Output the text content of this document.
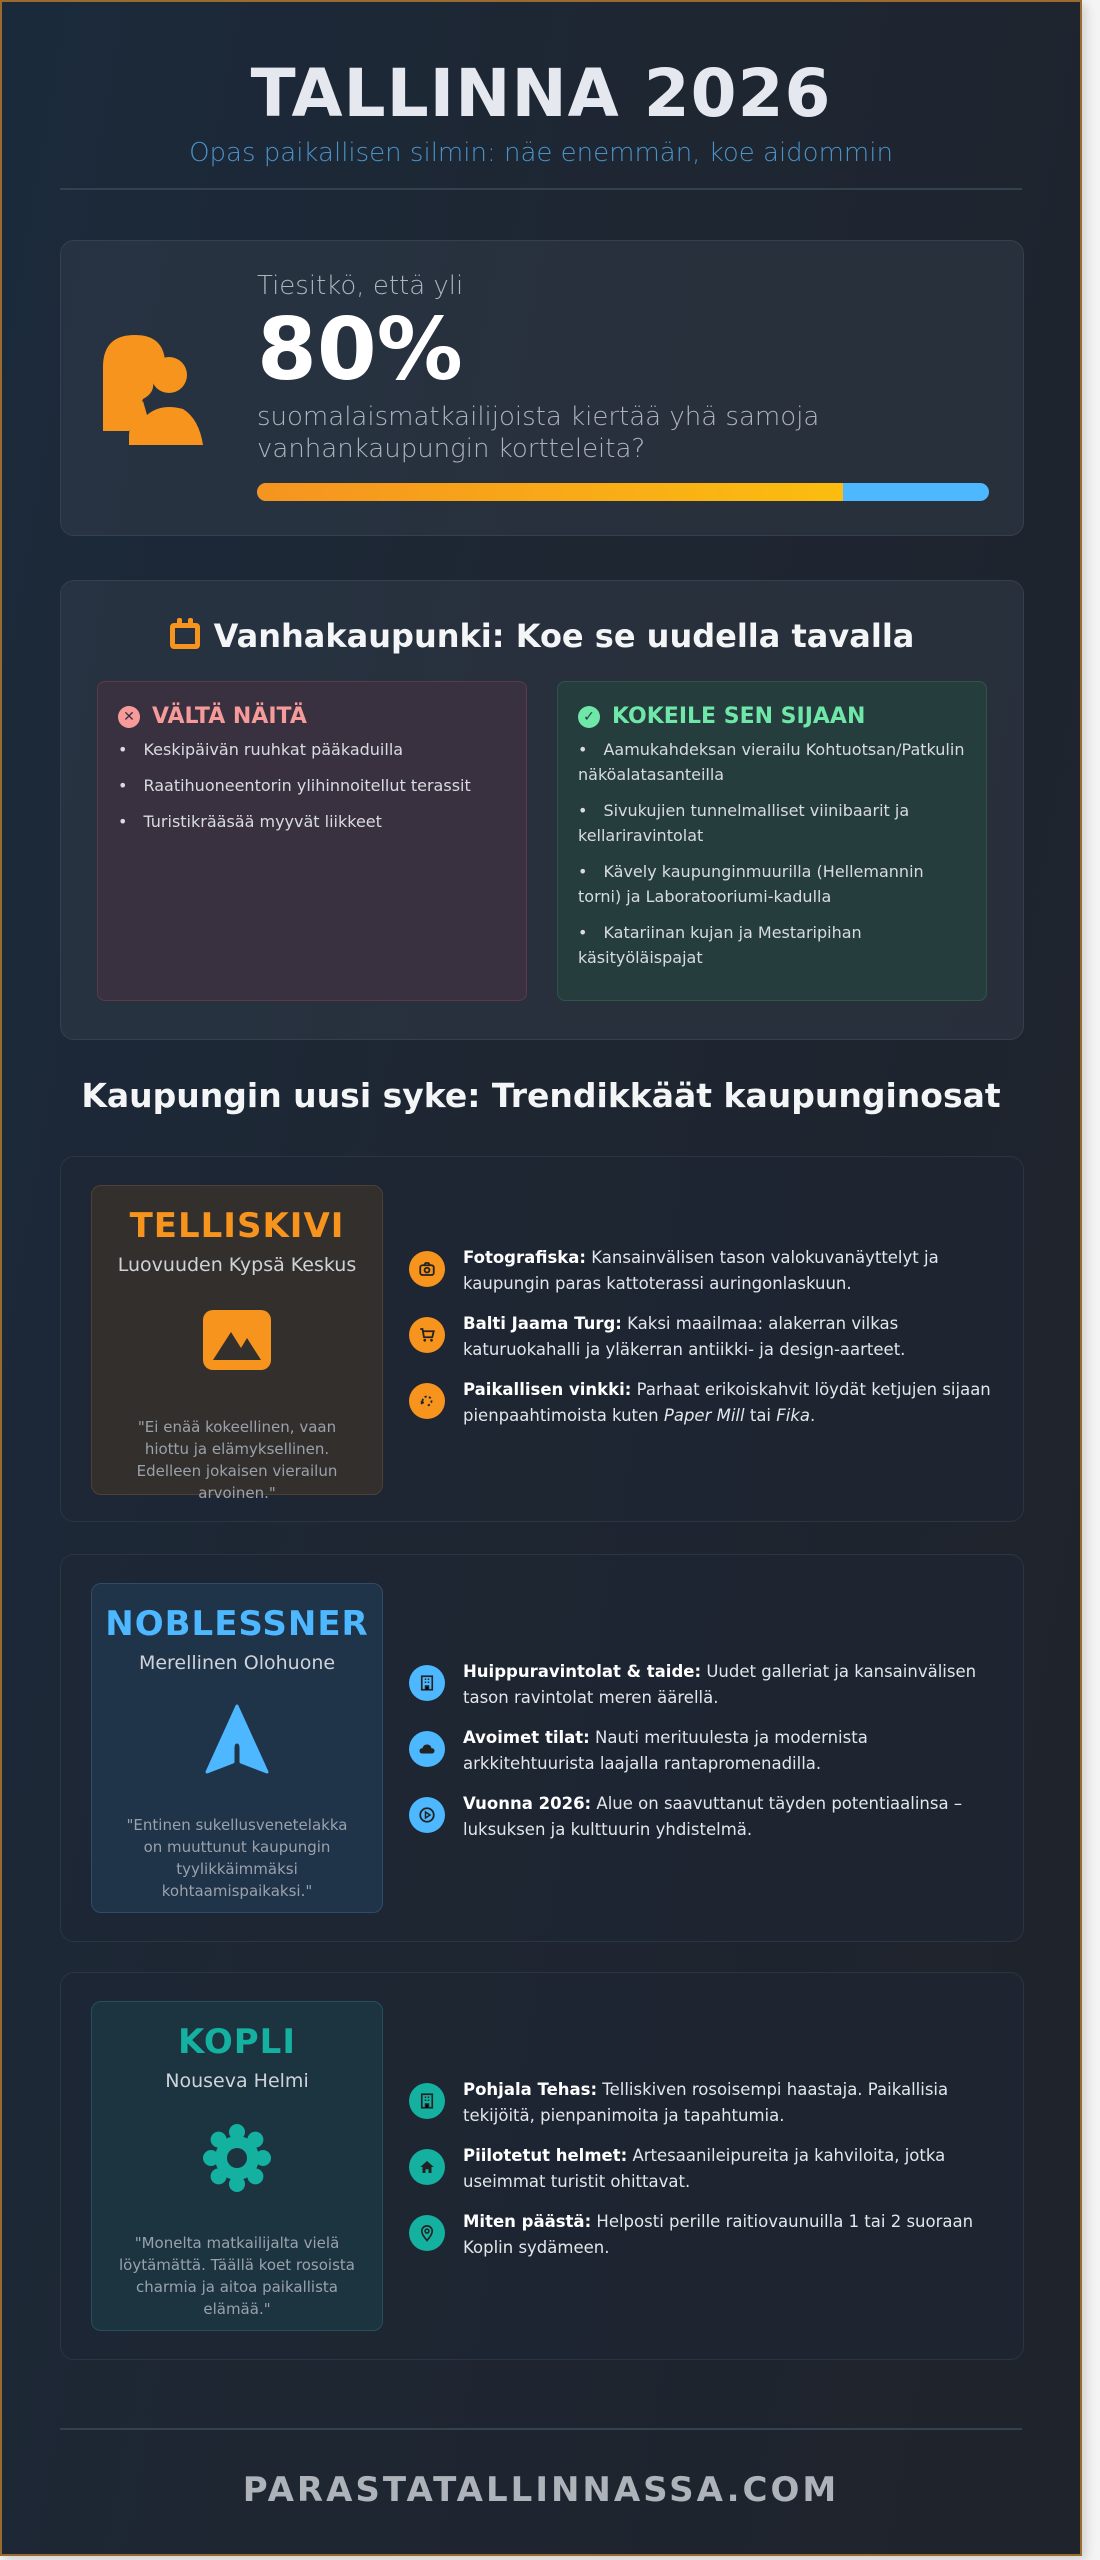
TALLINNA 2026
Opas paikallisen silmin: näe enemmän, koe aidommin
Tiesitkö, että yli
80%
suomalaismatkailijoista kiertää yhä samoja vanhankaupungin kortteleita?
Vanhakaupunki: Koe se uudella tavalla
✕ VÄLTÄ NÄITÄ
• Keskipäivän ruuhkat pääkaduilla
• Raatihuoneentorin ylihinnoitellut terassit
• Turistikrääsää myyvät liikkeet
✓ KOKEILE SEN SIJAAN
• Aamukahdeksan vierailu Kohtuotsan/Patkulin näköalatasanteilla
• Sivukujien tunnelmalliset viinibaarit ja kellariravintolat
• Kävely kaupunginmuurilla (Hellemannin torni) ja Laboratooriumi-kadulla
• Katariinan kujan ja Mestaripihan käsityöläispajat
Kaupungin uusi syke: Trendikkäät kaupunginosat
TELLISKIVI
Luovuuden Kypsä Keskus
"Ei enää kokeellinen, vaan hiottu ja elämyksellinen. Edelleen jokaisen vierailun arvoinen."
Fotografiska: Kansainvälisen tason valokuvanäyttelyt ja kaupungin paras kattoterassi auringonlaskuun.
Balti Jaama Turg: Kaksi maailmaa: alakerran vilkas katuruokahalli ja yläkerran antiikki- ja design-aarteet.
Paikallisen vinkki: Parhaat erikoiskahvit löydät ketjujen sijaan pienpaahtimoista kuten Paper Mill tai Fika.
NOBLESSNER
Merellinen Olohuone
"Entinen sukellusvenetelakka on muuttunut kaupungin tyylikkäimmäksi kohtaamispaikaksi."
Huippuravintolat & taide: Uudet galleriat ja kansainvälisen tason ravintolat meren äärellä.
Avoimet tilat: Nauti merituulesta ja modernista arkkitehtuurista laajalla rantapromenadilla.
Vuonna 2026: Alue on saavuttanut täyden potentiaalinsa – luksuksen ja kulttuurin yhdistelmä.
KOPLI
Nouseva Helmi
"Monelta matkailijalta vielä löytämättä. Täällä koet rosoista charmia ja aitoa paikallista elämää."
Pohjala Tehas: Telliskiven rosoisempi haastaja. Paikallisia tekijöitä, pienpanimoita ja tapahtumia.
Piilotetut helmet: Artesaanileipureita ja kahviloita, jotka useimmat turistit ohittavat.
Miten päästä: Helposti perille raitiovaunuilla 1 tai 2 suoraan Koplin sydämeen.
PARASTATALLINNASSA.COM
